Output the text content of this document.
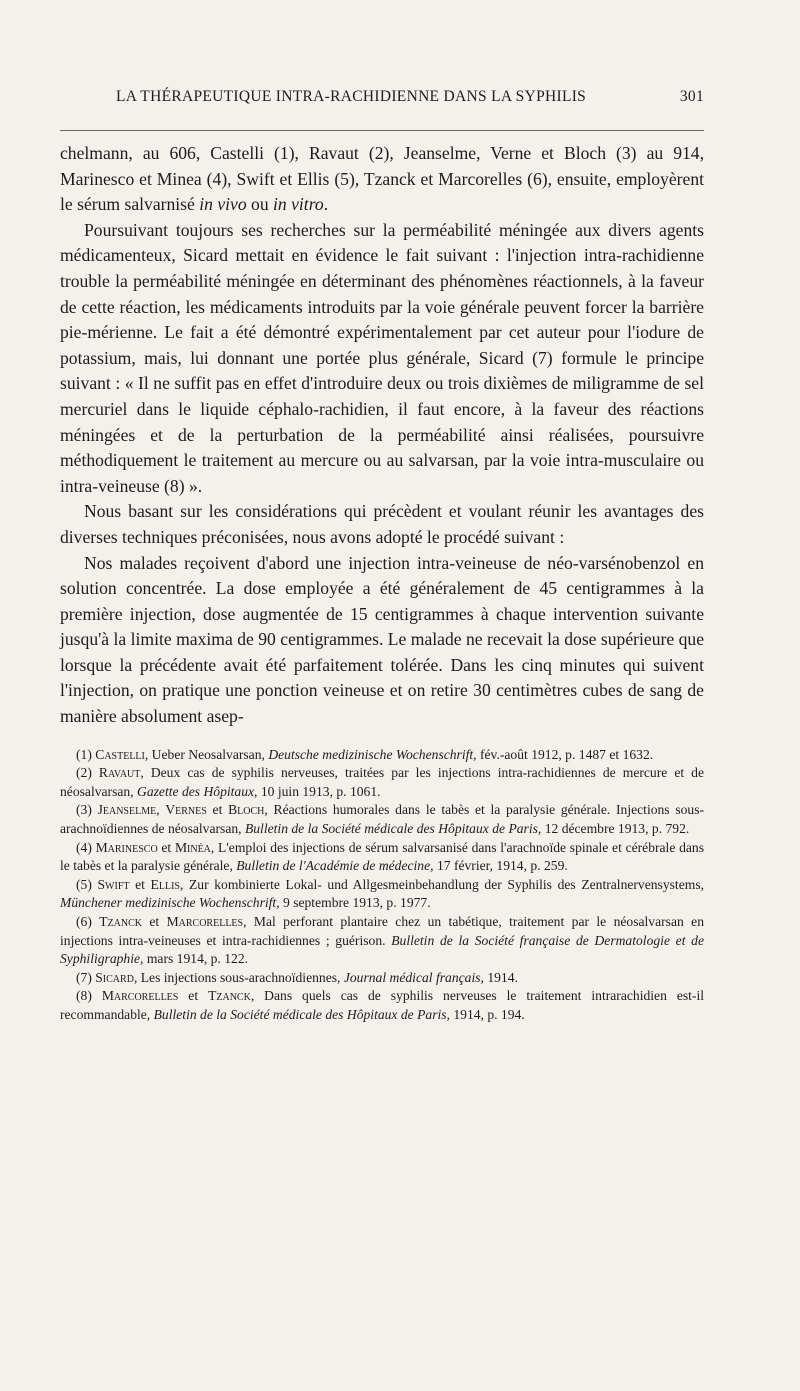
LA THÉRAPEUTIQUE INTRA-RACHIDIENNE DANS LA SYPHILIS	301

chelmann, au 606, Castelli (1), Ravaut (2), Jeanselme, Verne et Bloch (3) au 914, Marinesco et Minea (4), Swift et Ellis (5), Tzanck et Marcorelles (6), ensuite, employèrent le sérum salvarnisé in vivo ou in vitro.

Poursuivant toujours ses recherches sur la perméabilité méningée aux divers agents médicamenteux, Sicard mettait en évidence le fait suivant : l'injection intra-rachidienne trouble la perméabilité méningée en déterminant des phénomènes réactionnels, à la faveur de cette réaction, les médicaments introduits par la voie générale peuvent forcer la barrière pie-mérienne. Le fait a été démontré expérimentalement par cet auteur pour l'iodure de potassium, mais, lui donnant une portée plus générale, Sicard (7) formule le principe suivant : « Il ne suffit pas en effet d'introduire deux ou trois dixièmes de miligramme de sel mercuriel dans le liquide céphalo-rachidien, il faut encore, à la faveur des réactions méningées et de la perturbation de la perméabilité ainsi réalisées, poursuivre méthodiquement le traitement au mercure ou au salvarsan, par la voie intra-musculaire ou intra-veineuse (8) ».

Nous basant sur les considérations qui précèdent et voulant réunir les avantages des diverses techniques préconisées, nous avons adopté le procédé suivant :

Nos malades reçoivent d'abord une injection intra-veineuse de néo-varsénobenzol en solution concentrée. La dose employée a été généralement de 45 centigrammes à la première injection, dose augmentée de 15 centigrammes à chaque intervention suivante jusqu'à la limite maxima de 90 centigrammes. Le malade ne recevait la dose supérieure que lorsque la précédente avait été parfaitement tolérée. Dans les cinq minutes qui suivent l'injection, on pratique une ponction veineuse et on retire 30 centimètres cubes de sang de manière absolument asep-

(1) Castelli, Ueber Neosalvarsan, Deutsche medizinische Wochenschrift, fév.-août 1912, p. 1487 et 1632.

(2) Ravaut, Deux cas de syphilis nerveuses, traitées par les injections intra-rachidiennes de mercure et de néosalvarsan, Gazette des Hôpitaux, 10 juin 1913, p. 1061.

(3) Jeanselme, Vernes et Bloch, Réactions humorales dans le tabès et la paralysie générale. Injections sous-arachnoïdiennes de néosalvarsan, Bulletin de la Société médicale des Hôpitaux de Paris, 12 décembre 1913, p. 792.

(4) Marinesco et Minéa, L'emploi des injections de sérum salvarsanisé dans l'arachnoïde spinale et cérébrale dans le tabès et la paralysie générale, Bulletin de l'Académie de médecine, 17 février, 1914, p. 259.

(5) Swift et Ellis, Zur kombinierte Lokal- und Allgesmeinbehandlung der Syphilis des Zentralnervensystems, Münchener medizinische Wochenschrift, 9 septembre 1913, p. 1977.

(6) Tzanck et Marcorelles, Mal perforant plantaire chez un tabétique, traitement par le néosalvarsan en injections intra-veineuses et intra-rachidiennes ; guérison. Bulletin de la Société française de Dermatologie et de Syphiligraphie, mars 1914, p. 122.

(7) Sicard, Les injections sous-arachnoïdiennes, Journal médical français, 1914.

(8) Marcorelles et Tzanck, Dans quels cas de syphilis nerveuses le traitement intrarachidien est-il recommandable, Bulletin de la Société médicale des Hôpitaux de Paris, 1914, p. 194.
